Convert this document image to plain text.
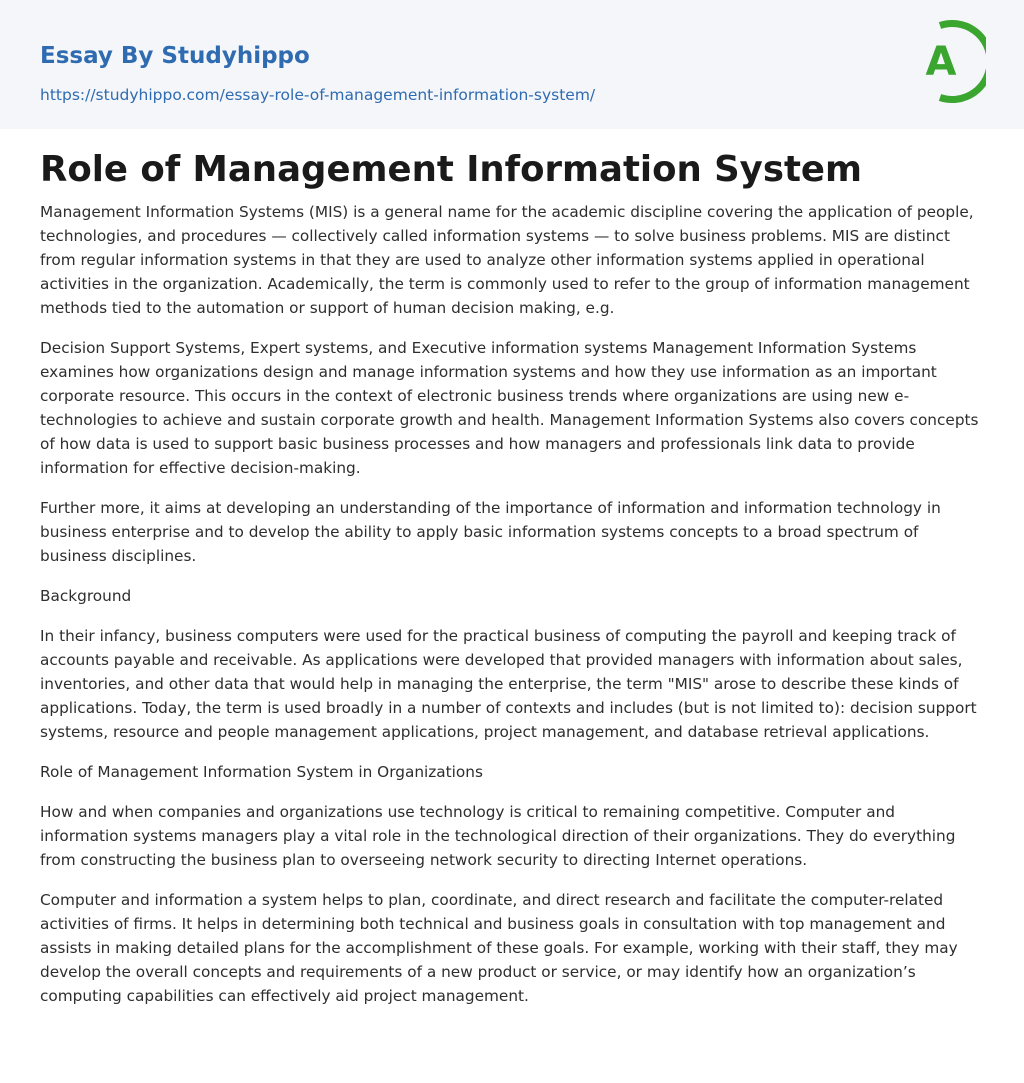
Essay By Studyhippo
https://studyhippo.com/essay-role-of-management-information-system/
A
Role of Management Information System

Management Information Systems (MIS) is a general name for the academic discipline covering the application of people, technologies, and procedures — collectively called information systems — to solve business problems. MIS are distinct from regular information systems in that they are used to analyze other information systems applied in operational activities in the organization. Academically, the term is commonly used to refer to the group of information management methods tied to the automation or support of human decision making, e.g.

Decision Support Systems, Expert systems, and Executive information systems Management Information Systems examines how organizations design and manage information systems and how they use information as an important corporate resource. This occurs in the context of electronic business trends where organizations are using new e-technologies to achieve and sustain corporate growth and health. Management Information Systems also covers concepts of how data is used to support basic business processes and how managers and professionals link data to provide information for effective decision-making.

Further more, it aims at developing an understanding of the importance of information and information technology in business enterprise and to develop the ability to apply basic information systems concepts to a broad spectrum of business disciplines.

Background

In their infancy, business computers were used for the practical business of computing the payroll and keeping track of accounts payable and receivable. As applications were developed that provided managers with information about sales, inventories, and other data that would help in managing the enterprise, the term "MIS" arose to describe these kinds of applications. Today, the term is used broadly in a number of contexts and includes (but is not limited to): decision support systems, resource and people management applications, project management, and database retrieval applications.

Role of Management Information System in Organizations

How and when companies and organizations use technology is critical to remaining competitive. Computer and information systems managers play a vital role in the technological direction of their organizations. They do everything from constructing the business plan to overseeing network security to directing Internet operations.

Computer and information a system helps to plan, coordinate, and direct research and facilitate the computer-related activities of firms. It helps in determining both technical and business goals in consultation with top management and assists in making detailed plans for the accomplishment of these goals. For example, working with their staff, they may develop the overall concepts and requirements of a new product or service, or may identify how an organization’s computing capabilities can effectively aid project management.
